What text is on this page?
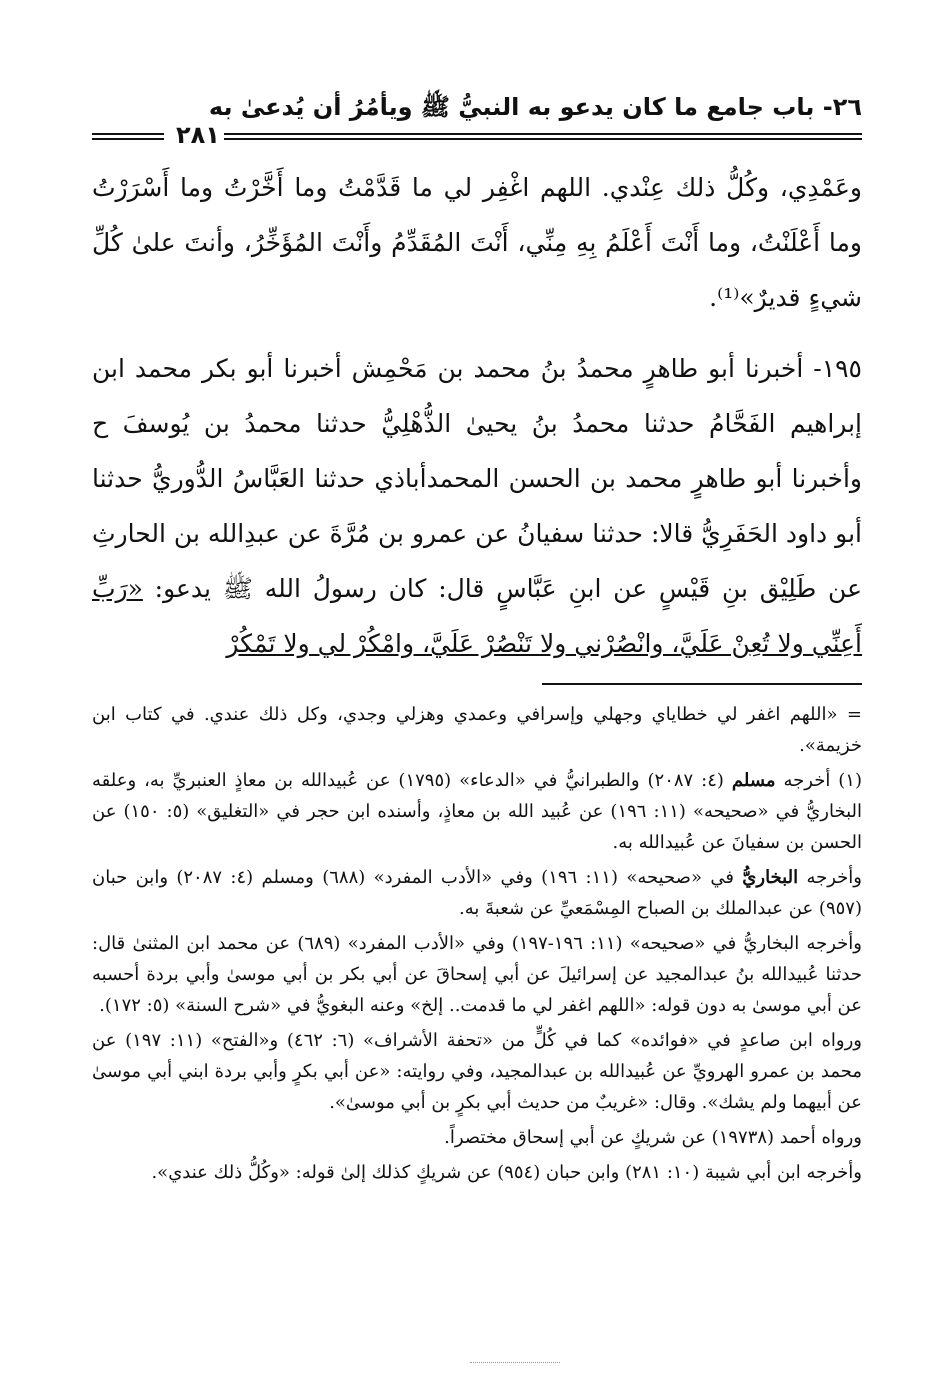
٢٦- باب جامع ما كان يدعو به النبيُّ ﷺ ويأمُرُ أن يُدعىٰ به
٢٨١

وعَمْدِي، وكُلُّ ذلك عِنْدي. اللهم اغْفِر لي ما قَدَّمْتُ وما أَخَّرْتُ وما أَسْرَرْتُ وما أَعْلَنْتُ، وما أَنْتَ أَعْلَمُ بِهِ مِنِّي، أَنْتَ المُقَدِّمُ وأَنْتَ المُؤَخِّرُ، وأنتَ علىٰ كُلِّ شيءٍ قديرٌ»⁽¹⁾.

١٩٥- أخبرنا أبو طاهرٍ محمدُ بنُ محمد بن مَحْمِش أخبرنا أبو بكر محمد ابن إبراهيم الفَحَّامُ حدثنا محمدُ بنُ يحيىٰ الذُّهْلِيُّ حدثنا محمدُ بن يُوسفَ ح وأخبرنا أبو طاهرٍ محمد بن الحسن المحمدأباذي حدثنا العَبَّاسُ الدُّوريُّ حدثنا أبو داود الحَفَرِيُّ قالا: حدثنا سفيانُ عن عمرو بن مُرَّةَ عن عبدِالله بن الحارثِ عن طَلِيْق بنِ قَيْسٍ عن ابنِ عَبَّاسٍ قال: كان رسولُ الله ﷺ يدعو: «رَبِّ أَعِنِّي ولا تُعِنْ عَلَيَّ، وانْصُرْني ولا تَنْصُرْ عَلَيَّ، وامْكُرْ لي ولا تَمْكُرْ

= «اللهم اغفر لي خطاياي وجهلي وإسرافي وعمدي وهزلي وجدي، وكل ذلك عندي. في كتاب ابن خزيمة».

(١) أخرجه مسلم (٤: ٢٠٨٧) والطبرانيُّ في «الدعاء» (١٧٩٥) عن عُبيدالله بن معاذٍ العنبريِّ به، وعلقه البخاريُّ في «صحيحه» (١١: ١٩٦) عن عُبيد الله بن معاذٍ، وأسنده ابن حجر في «التغليق» (٥: ١٥٠) عن الحسن بن سفيانَ عن عُبيدالله به.

وأخرجه البخاريُّ في «صحيحه» (١١: ١٩٦) وفي «الأدب المفرد» (٦٨٨) ومسلم (٤: ٢٠٨٧) وابن حبان (٩٥٧) عن عبدالملك بن الصباح المِسْمَعيِّ عن شعبةَ به.

وأخرجه البخاريُّ في «صحيحه» (١١: ١٩٦-١٩٧) وفي «الأدب المفرد» (٦٨٩) عن محمد ابن المثنىٰ قال: حدثنا عُبيدالله بنُ عبدالمجيد عن إسرائيلَ عن أبي إسحاقَ عن أبي بكر بن أبي موسىٰ وأبي بردة أحسبه عن أبي موسىٰ به دون قوله: «اللهم اغفر لي ما قدمت.. إلخ» وعنه البغويُّ في «شرح السنة» (٥: ١٧٢).

ورواه ابن صاعدٍ في «فوائده» كما في كُلٍّ من «تحفة الأشراف» (٦: ٤٦٢) و«الفتح» (١١: ١٩٧) عن محمد بن عمرو الهرويِّ عن عُبيدالله بن عبدالمجيد، وفي روايته: «عن أبي بكرٍ وأبي بردة ابني أبي موسىٰ عن أبيهما ولم يشك». وقال: «غريبٌ من حديث أبي بكرٍ بن أبي موسىٰ».

ورواه أحمد (١٩٧٣٨) عن شريكٍ عن أبي إسحاق مختصراً.

وأخرجه ابن أبي شيبة (١٠: ٢٨١) وابن حبان (٩٥٤) عن شريكٍ كذلك إلىٰ قوله: «وكُلُّ ذلك عندي».
